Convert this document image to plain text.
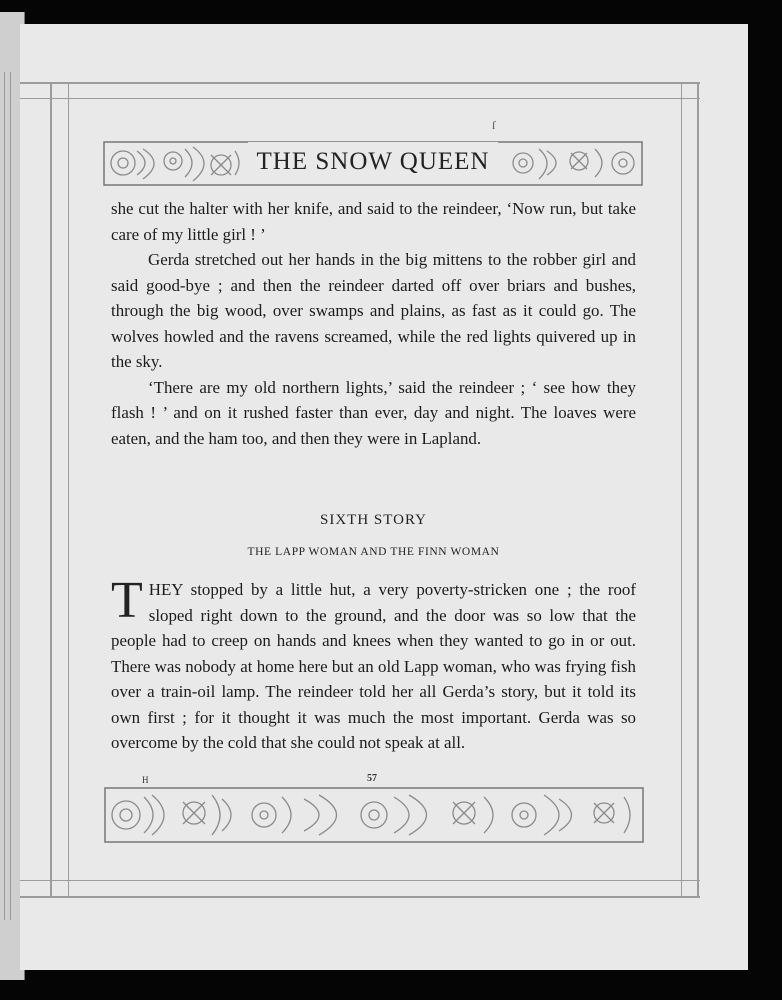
ſ
THE SNOW QUEEN

she cut the halter with her knife, and said to the reindeer, ‘Now run, but take care of my little girl ! ’

Gerda stretched out her hands in the big mittens to the robber girl and said good-bye ; and then the reindeer darted off over briars and bushes, through the big wood, over swamps and plains, as fast as it could go. The wolves howled and the ravens screamed, while the red lights quivered up in the sky.

‘There are my old northern lights,’ said the reindeer ; ‘ see how they flash ! ’ and on it rushed faster than ever, day and night. The loaves were eaten, and the ham too, and then they were in Lapland.

SIXTH STORY
THE LAPP WOMAN AND THE FINN WOMAN
T HEY stopped by a little hut, a very poverty-stricken one ; the roof sloped right down to the ground, and the door was so low that the people had to creep on hands and knees when they wanted to go in or out. There was nobody at home here but an old Lapp woman, who was frying fish over a train-oil lamp. The reindeer told her all Gerda’s story, but it told its own first ; for it thought it was much the most important. Gerda was so overcome by the cold that she could not speak at all.
H	57
